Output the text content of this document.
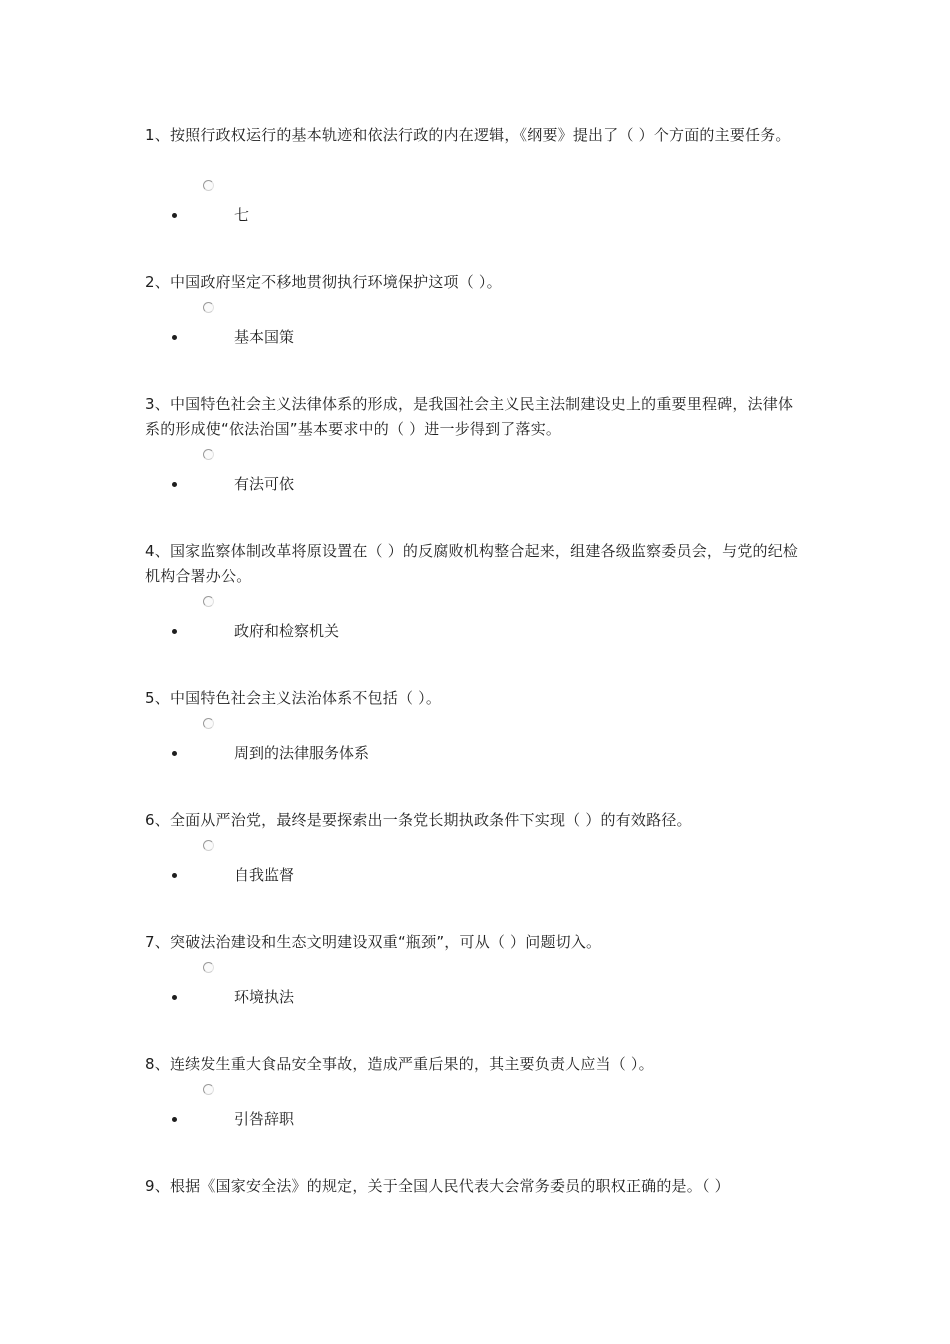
1、按照行政权运行的基本轨迹和依法行政的内在逻辑，《纲要》提出了（ ）个方面的主要任务。
七
2、中国政府坚定不移地贯彻执行环境保护这项（ ）。
基本国策
3、中国特色社会主义法律体系的形成，是我国社会主义民主法制建设史上的重要里程碑，法律体系的形成使“依法治国”基本要求中的（ ）进一步得到了落实。
有法可依
4、国家监察体制改革将原设置在（ ）的反腐败机构整合起来，组建各级监察委员会，与党的纪检机构合署办公。
政府和检察机关
5、中国特色社会主义法治体系不包括（ ）。
周到的法律服务体系
6、全面从严治党，最终是要探索出一条党长期执政条件下实现（ ）的有效路径。
自我监督
7、突破法治建设和生态文明建设双重“瓶颈”，可从（ ）问题切入。
环境执法
8、连续发生重大食品安全事故，造成严重后果的，其主要负责人应当（ ）。
引咎辞职
9、根据《国家安全法》的规定，关于全国人民代表大会常务委员的职权正确的是。（ ）
